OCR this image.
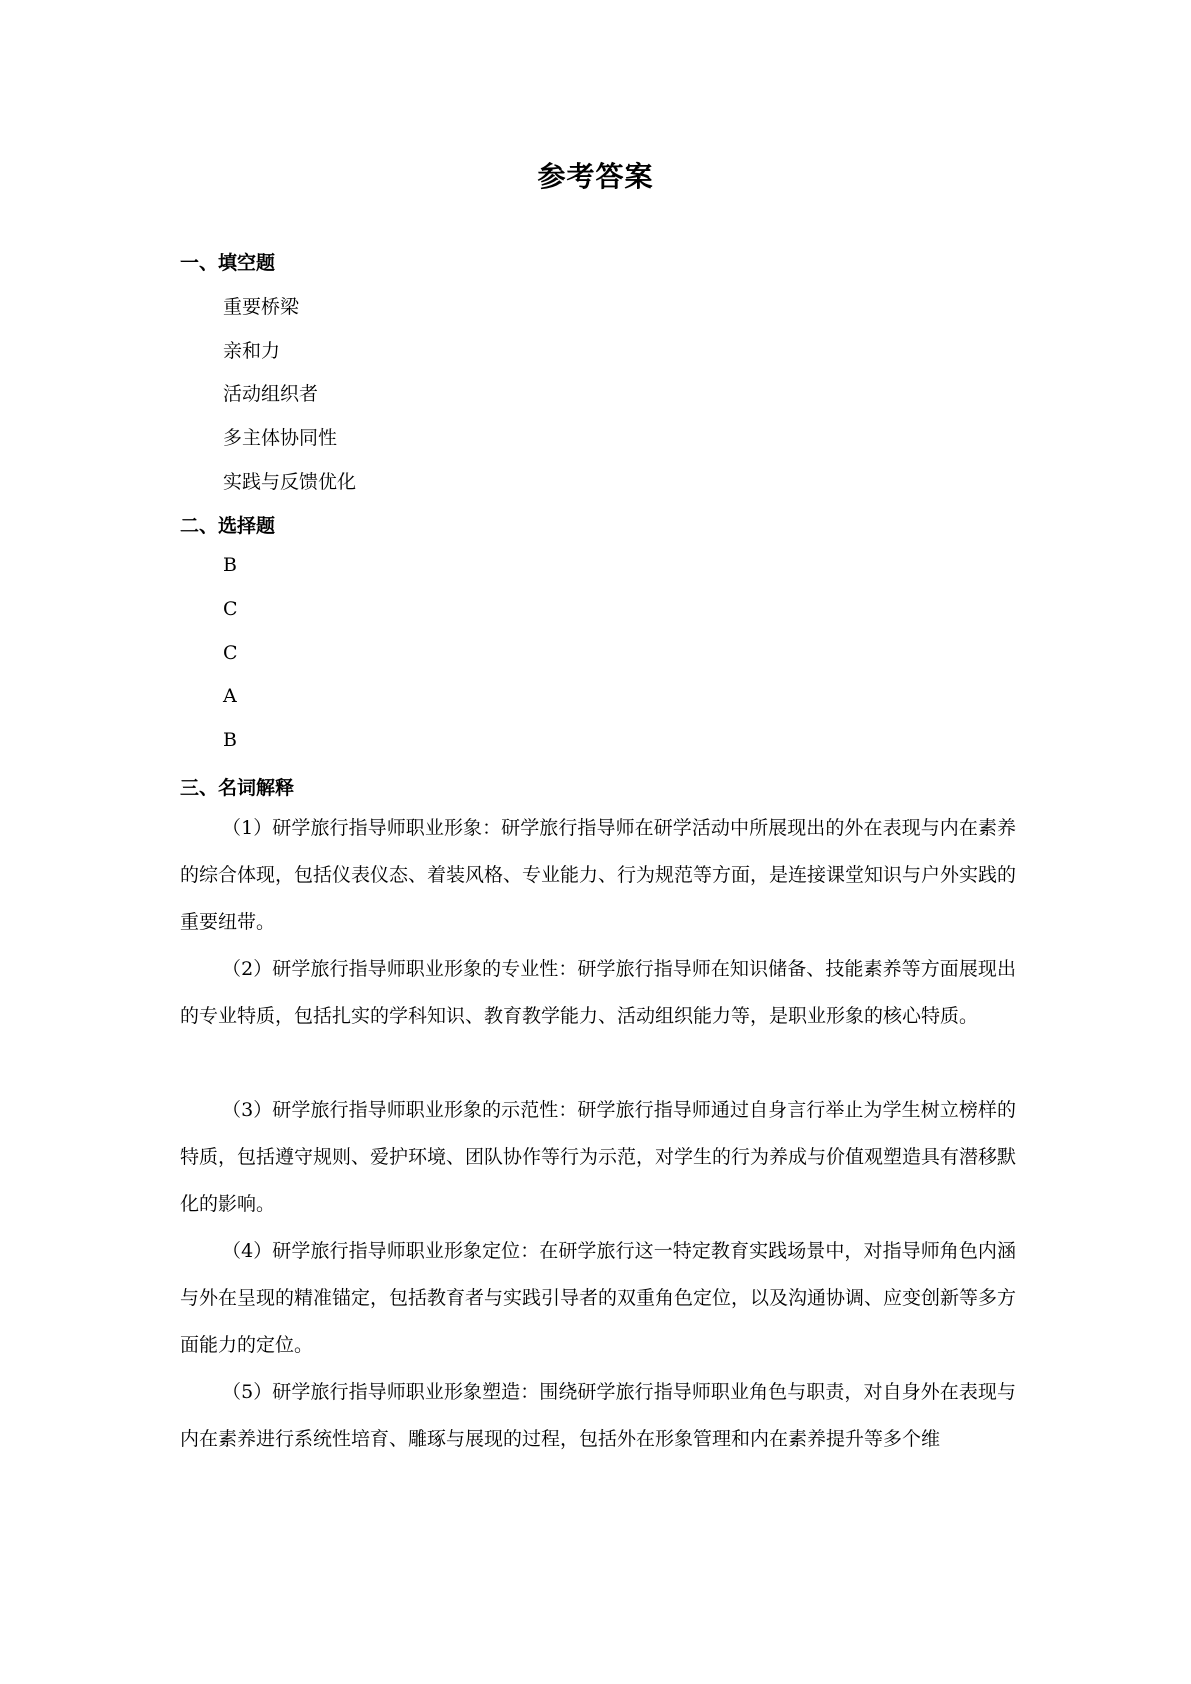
参考答案
一、填空题
重要桥梁
亲和力
活动组织者
多主体协同性
实践与反馈优化
二、选择题
B
C
C
A
B
三、名词解释
（1）研学旅行指导师职业形象：研学旅行指导师在研学活动中所展现出的外在表现与内在素养的综合体现，包括仪表仪态、着装风格、专业能力、行为规范等方面，是连接课堂知识与户外实践的重要纽带。
（2）研学旅行指导师职业形象的专业性：研学旅行指导师在知识储备、技能素养等方面展现出的专业特质，包括扎实的学科知识、教育教学能力、活动组织能力等，是职业形象的核心特质。
（3）研学旅行指导师职业形象的示范性：研学旅行指导师通过自身言行举止为学生树立榜样的特质，包括遵守规则、爱护环境、团队协作等行为示范，对学生的行为养成与价值观塑造具有潜移默化的影响。
（4）研学旅行指导师职业形象定位：在研学旅行这一特定教育实践场景中，对指导师角色内涵与外在呈现的精准锚定，包括教育者与实践引导者的双重角色定位，以及沟通协调、应变创新等多方面能力的定位。
（5）研学旅行指导师职业形象塑造：围绕研学旅行指导师职业角色与职责，对自身外在表现与内在素养进行系统性培育、雕琢与展现的过程，包括外在形象管理和内在素养提升等多个维
